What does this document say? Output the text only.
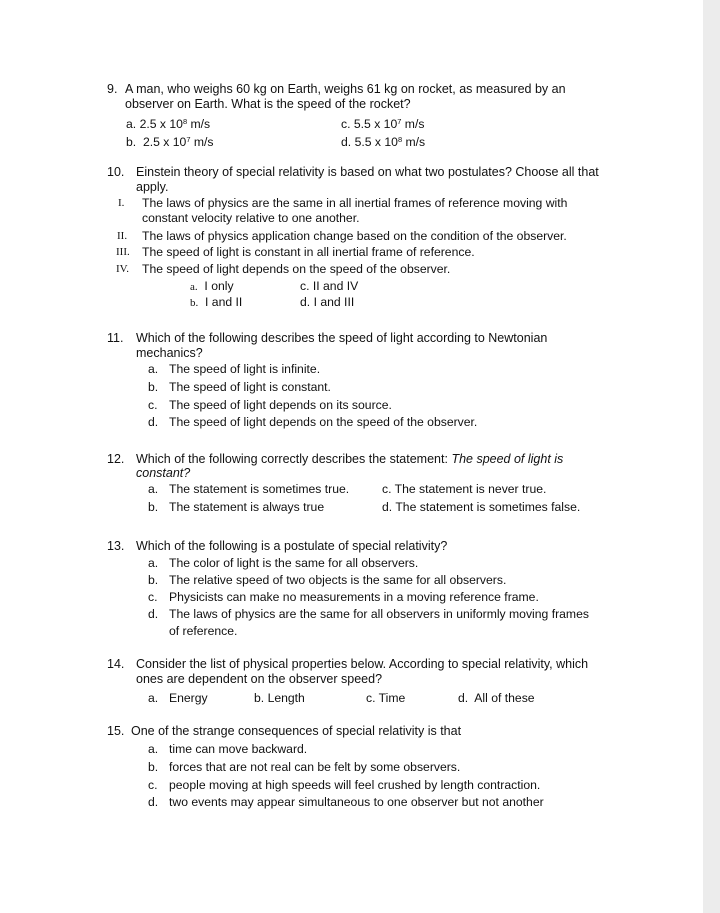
9. A man, who weighs 60 kg on Earth, weighs 61 kg on rocket, as measured by an
observer on Earth. What is the speed of the rocket?
a. 2.5 x $10^8$ m/s
b. 2.5 x $10^7$ m/s
c. 5.5 x $10^7$ m/s
d. 5.5 x $10^8$ m/s
10. Einstein theory of special relativity is based on what two postulates? Choose all that
apply.
I. The laws of physics are the same in all inertial frames of reference moving with
constant velocity relative to one another.
II. The laws of physics application change based on the condition of the observer.
III. The speed of light is constant in all inertial frame of reference.
IV. The speed of light depends on the speed of the observer.
a. I only
b. I and II
c. II and IV
d. I and III
11. Which of the following describes the speed of light according to Newtonian
mechanics?
a. The speed of light is infinite.
b. The speed of light is constant.
c. The speed of light depends on its source.
d. The speed of light depends on the speed of the observer.
12. Which of the following correctly describes the statement: The speed of light is
constant?
a. The statement is sometimes true.
b. The statement is always true
c. The statement is never true.
d. The statement is sometimes false.
13. Which of the following is a postulate of special relativity?
a. The color of light is the same for all observers.
b. The relative speed of two objects is the same for all observers.
c. Physicists can make no measurements in a moving reference frame.
d. The laws of physics are the same for all observers in uniformly moving frames
of reference.
14. Consider the list of physical properties below. According to special relativity, which
ones are dependent on the observer speed?
a. Energy	b. Length	c. Time	d. All of these
15. One of the strange consequences of special relativity is that
a. time can move backward.
b. forces that are not real can be felt by some observers.
c. people moving at high speeds will feel crushed by length contraction.
d. two events may appear simultaneous to one observer but not another
